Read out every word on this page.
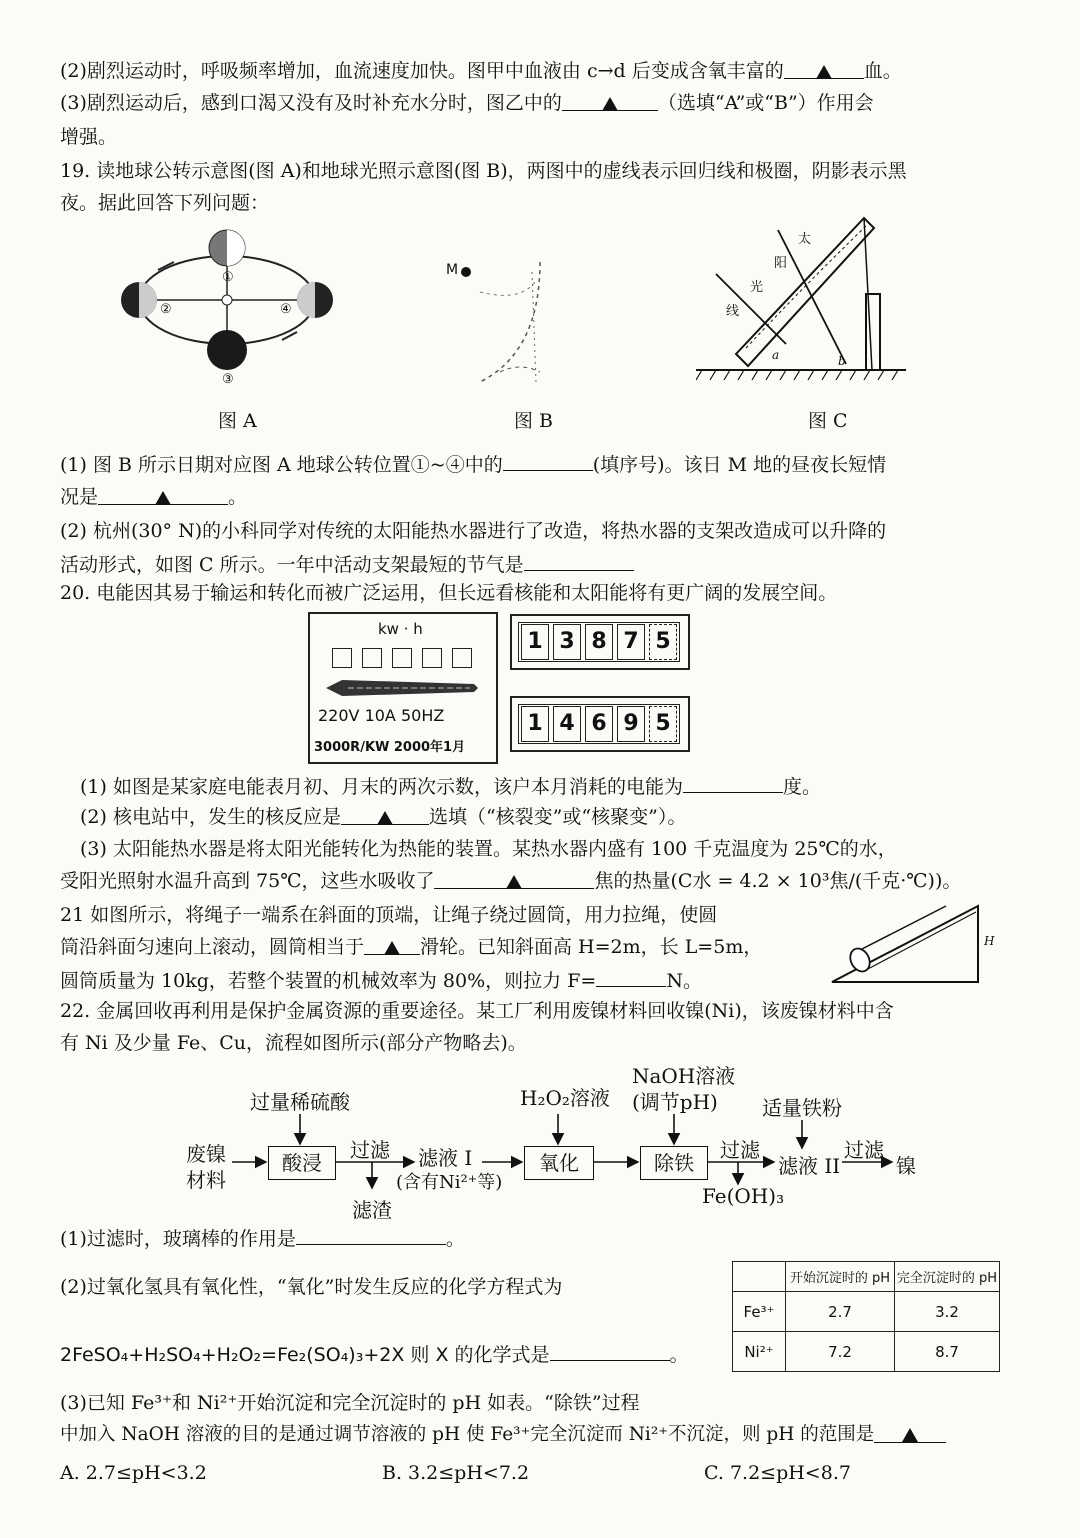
(2)剧烈运动时，呼吸频率增加，血流速度加快。图甲中血液由 c→d 后变成含氧丰富的	血。
(3)剧烈运动后，感到口渴又没有及时补充水分时，图乙中的	（选填“A”或“B”）作用会
增强。
19. 读地球公转示意图(图 A)和地球光照示意图(图 B)，两图中的虚线表示回归线和极圈，阴影表示黑
夜。据此回答下列问题：
①
②
③
④
图 A
M
图 B
太
阳
光
线
a	b
图 C
(1) 图 B 所示日期对应图 A 地球公转位置①~④中的	(填序号)。该日 M 地的昼夜长短情
况是	。
(2) 杭州(30° N)的小科同学对传统的太阳能热水器进行了改造，将热水器的支架改造成可以升降的
活动形式，如图 C 所示。一年中活动支架最短的节气是
20. 电能因其易于输运和转化而被广泛运用，但长远看核能和太阳能将有更广阔的发展空间。
kw · h
220V 10A 50HZ
3000R/KW 2000年1月
1 3 8 7 5
1 4 6 9 5
(1) 如图是某家庭电能表月初、月末的两次示数，该户本月消耗的电能为	度。
(2) 核电站中，发生的核反应是	选填（“核裂变”或“核聚变”）。
(3) 太阳能热水器是将太阳光能转化为热能的装置。某热水器内盛有 100 千克温度为 25℃的水，
受阳光照射水温升高到 75℃，这些水吸收了	焦的热量(C水 = 4.2 × 10³焦/(千克·℃))。
21 如图所示，将绳子一端系在斜面的顶端，让绳子绕过圆筒，用力拉绳，使圆
筒沿斜面匀速向上滚动，圆筒相当于	滑轮。已知斜面高 H=2m，长 L=5m，
圆筒质量为 10kg，若整个装置的机械效率为 80%，则拉力 F=	N。
H
22. 金属回收再利用是保护金属资源的重要途径。某工厂利用废镍材料回收镍(Ni)，该废镍材料中含
有 Ni 及少量 Fe、Cu，流程如图所示(部分产物略去)。
过量稀硫酸	H₂O₂溶液
NaOH溶液
(调节pH) 适量铁粉
废镍
材料
酸浸
过滤 滤液 I
(含有Ni²⁺等)
滤渣
氧化	除铁
过滤
Fe(OH)₃
滤液 II
过滤
镍
(1)过滤时，玻璃棒的作用是	。
(2)过氧化氢具有氧化性，“氧化”时发生反应的化学方程式为
2FeSO₄+H₂SO₄+H₂O₂=Fe₂(SO₄)₃+2X 则 X 的化学式是	。
	开始沉淀时的 pH	完全沉淀时的 pH
Fe³⁺	2.7	3.2
Ni²⁺	7.2	8.7
(3)已知 Fe³⁺和 Ni²⁺开始沉淀和完全沉淀时的 pH 如表。“除铁”过程
中加入 NaOH 溶液的目的是通过调节溶液的 pH 使 Fe³⁺完全沉淀而 Ni²⁺不沉淀，则 pH 的范围是
A. 2.7≤pH<3.2	B. 3.2≤pH<7.2	C. 7.2≤pH<8.7
